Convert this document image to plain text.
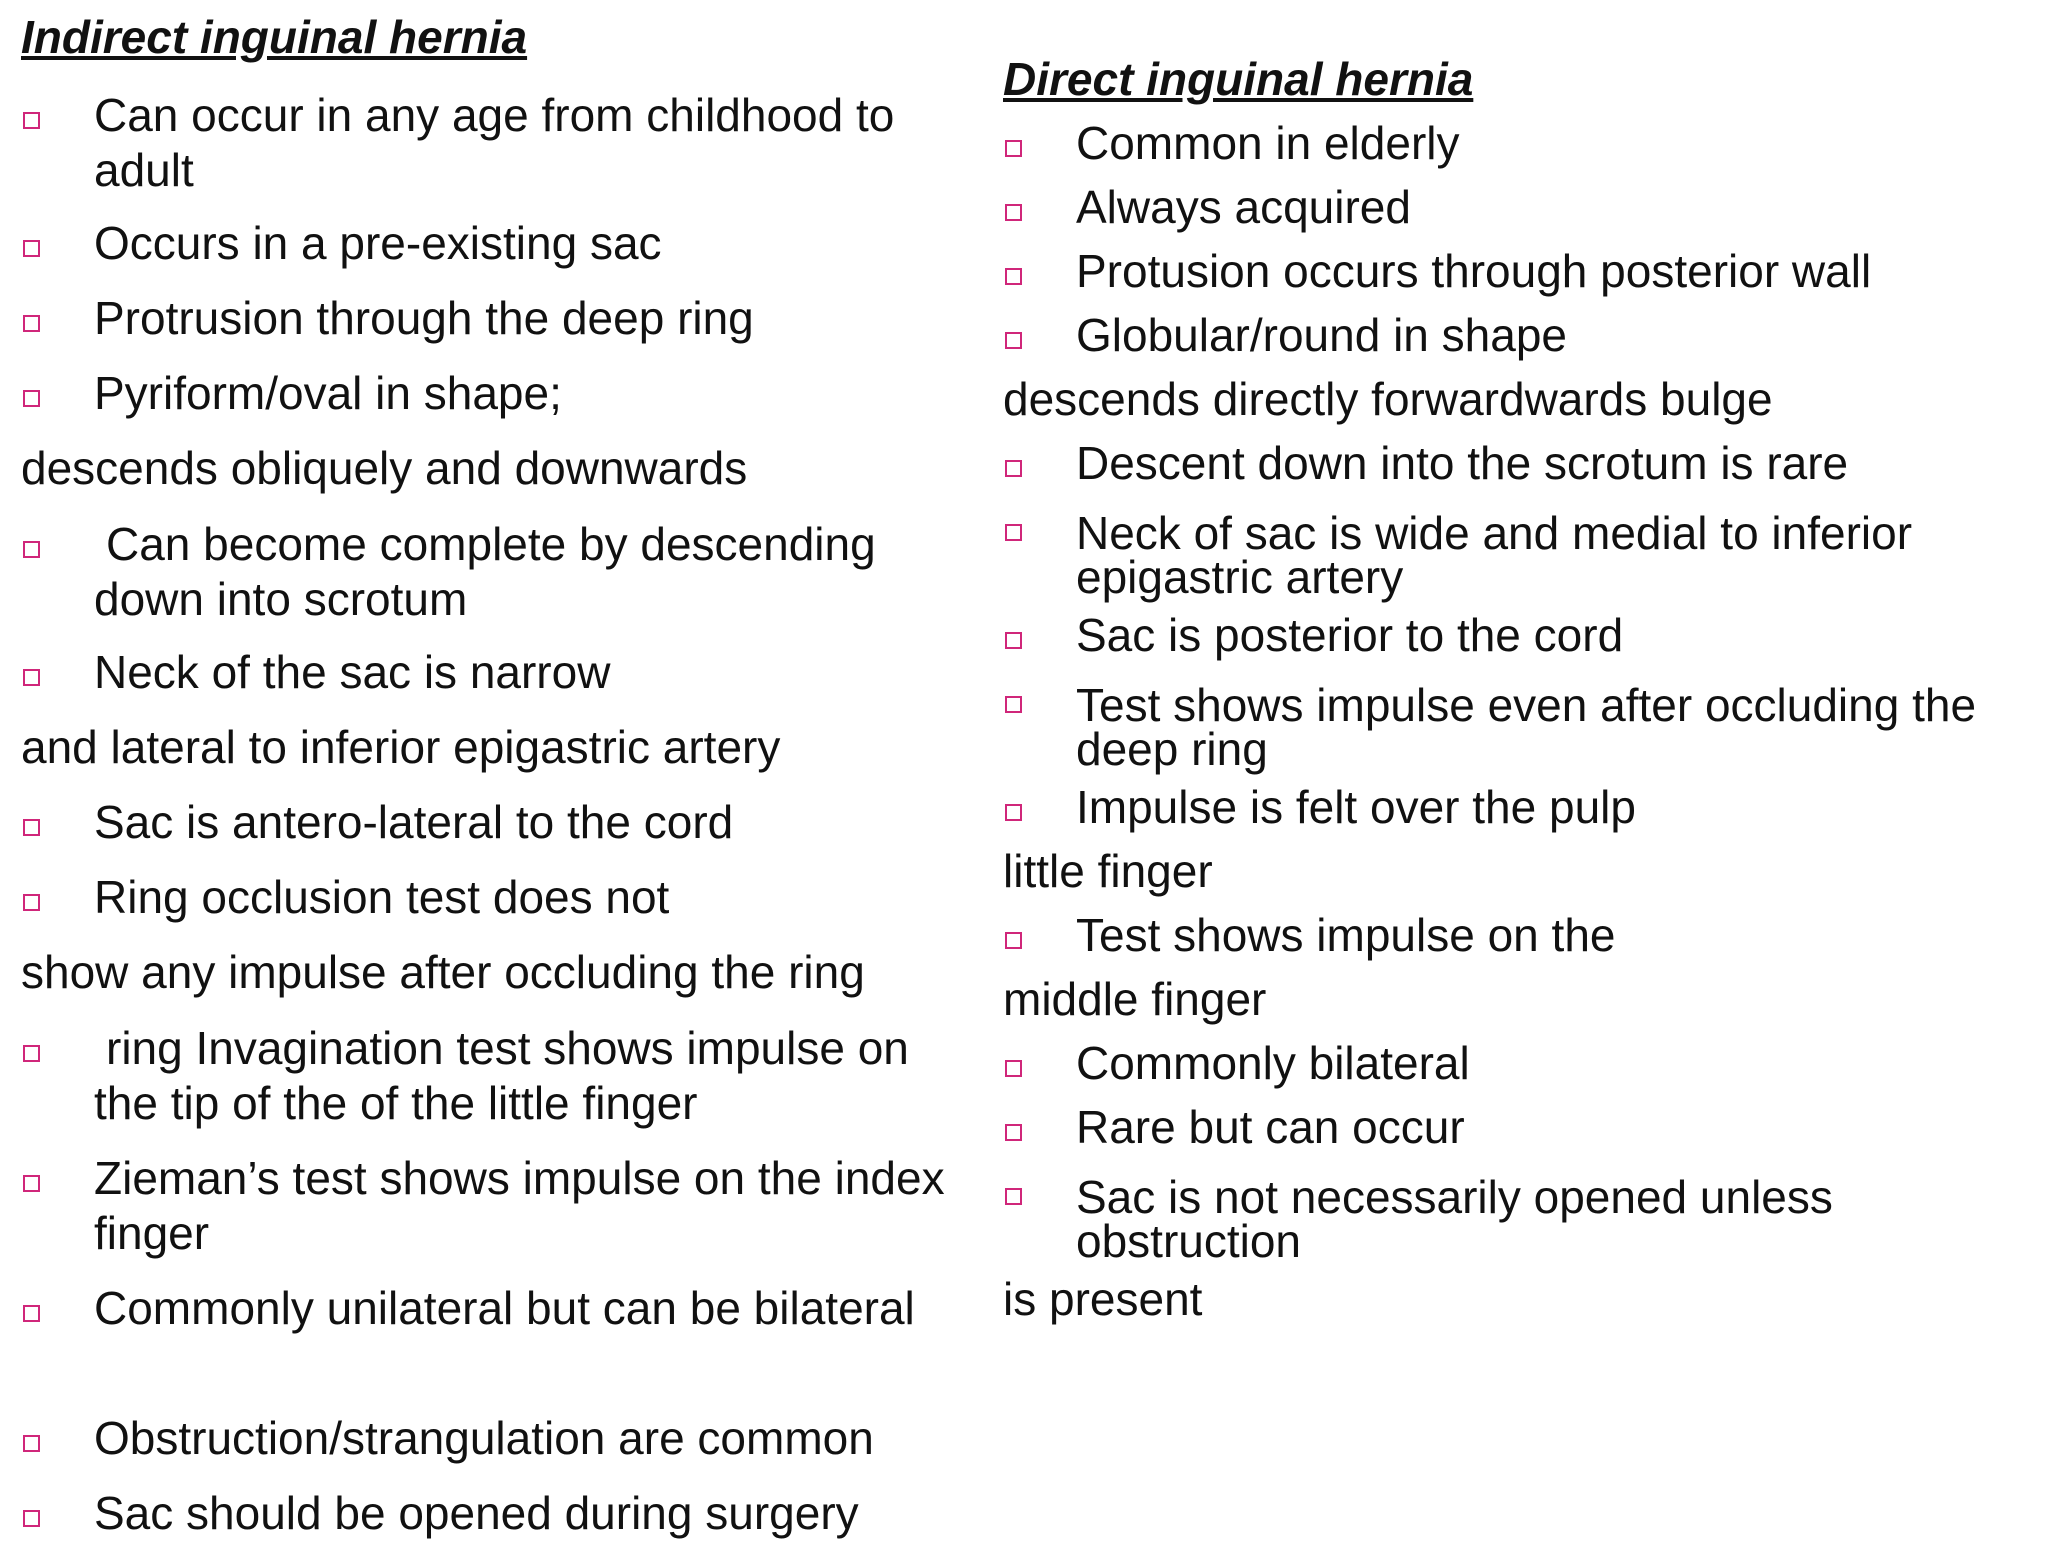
Indirect inguinal hernia
Can occur in any age from childhood to adult
Occurs in a pre-existing sac
Protrusion through the deep ring
Pyriform/oval in shape;
descends obliquely and downwards
Can become complete by descending down into scrotum
Neck of the sac is narrow
and lateral to inferior epigastric artery
Sac is antero-lateral to the cord
Ring occlusion test does not
show any impulse after occluding the ring
ring Invagination test shows impulse on the tip of the of the little finger
Zieman’s test shows impulse on the index finger
Commonly unilateral but can be bilateral
Obstruction/strangulation are common
Sac should be opened during surgery
Direct inguinal hernia
Common in elderly
Always acquired
Protusion occurs through posterior wall
Globular/round in shape
descends directly forwardwards bulge
Descent down into the scrotum is rare
Neck of sac is wide and medial to inferior epigastric artery
Sac is posterior to the cord
Test shows impulse even after occluding the deep ring
Impulse is felt over the pulp
little finger
Test shows impulse on the
middle finger
Commonly bilateral
Rare but can occur
Sac is not necessarily opened unless obstruction
is present
